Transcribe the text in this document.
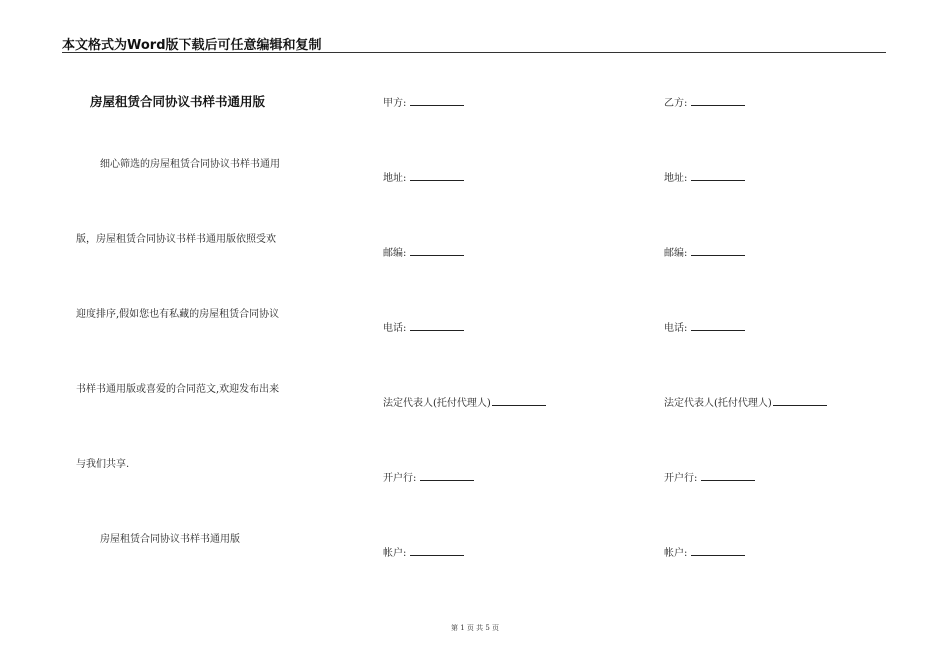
本文格式为Word版下载后可任意编辑和复制
房屋租赁合同协议书样书通用版
细心筛选的房屋租赁合同协议书样书通用
版，房屋租赁合同协议书样书通用版依照受欢
迎度排序,假如您也有私藏的房屋租赁合同协议
书样书通用版或喜爱的合同范文,欢迎发布出来
与我们共享.
房屋租赁合同协议书样书通用版
甲方:
地址:
邮编:
电话:
法定代表人(托付代理人)
开户行:
帐户:
乙方:
地址:
邮编:
电话:
法定代表人(托付代理人)
开户行:
帐户:
第 1 页 共 5 页
